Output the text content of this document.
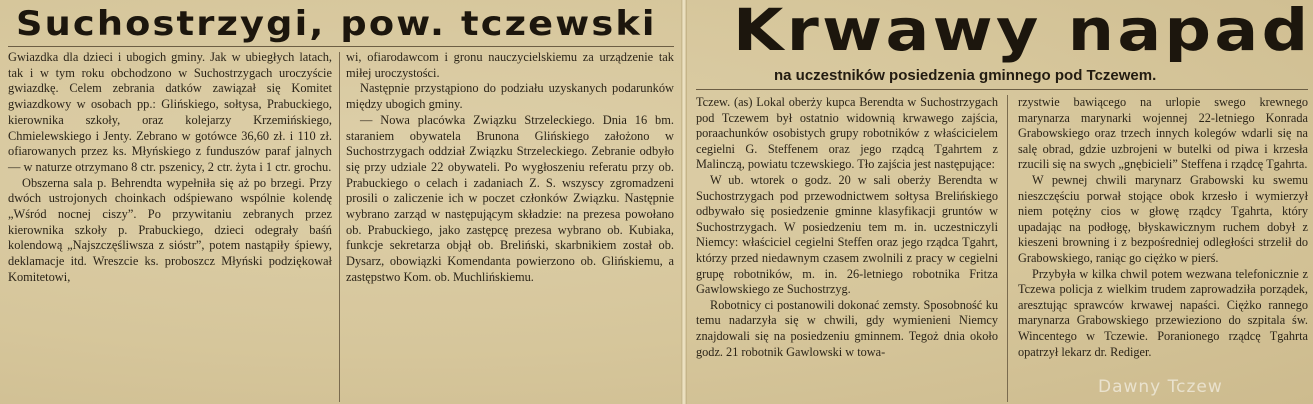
Suchostrzygi, pow. tczewski

Gwiazdka dla dzieci i ubogich gminy. Jak w ubiegłych latach, tak i w tym roku obchodzono w Suchostrzygach uroczyście gwiazdkę. Celem zebrania datków zawiązał się Komitet gwiazdkowy w osobach pp.: Glińskiego, sołtysa, Prabuckiego, kierownika szkoły, oraz kolejarzy Krzemińskiego, Chmielewskiego i Jenty. Zebrano w gotówce 36,60 zł. i 110 zł. ofiarowanych przez ks. Młyńskiego z funduszów paraf jalnych — w naturze otrzymano 8 ctr. pszenicy, 2 ctr. żyta i 1 ctr. grochu.

Obszerna sala p. Behrendta wypełniła się aż po brzegi. Przy dwóch ustrojonych choinkach odśpiewano wspólnie kolendę „Wśród nocnej ciszy”. Po przywitaniu zebranych przez kierownika szkoły p. Prabuckiego, dzieci odegrały baśń kolendową „Najszczęśliwsza z sióstr”, potem nastąpiły śpiewy, deklamacje itd. Wreszcie ks. proboszcz Młyński podziękował Komitetowi,

wi, ofiarodawcom i gronu nauczycielskiemu za urządzenie tak miłej uroczystości.

Następnie przystąpiono do podziału uzyskanych podarunków między ubogich gminy.

— Nowa placówka Związku Strzeleckiego. Dnia 16 bm. staraniem obywatela Brunona Glińskiego założono w Suchostrzygach oddział Związku Strzeleckiego. Zebranie odbyło się przy udziale 22 obywateli. Po wygłoszeniu referatu przy ob. Prabuckiego o celach i zadaniach Z. S. wszyscy zgromadzeni prosili o zaliczenie ich w poczet członków Związku. Następnie wybrano zarząd w następującym składzie: na prezesa powołano ob. Prabuckiego, jako zastępcę prezesa wybrano ob. Kubiaka, funkcje sekretarza objął ob. Breliński, skarbnikiem został ob. Dysarz, obowiązki Komendanta powierzono ob. Glińskiemu, a zastępstwo Kom. ob. Muchlińskiemu.

Krwawy napad
na uczestników posiedzenia gminnego pod Tczewem.

Tczew. (as) Lokal oberży kupca Berendta w Suchostrzygach pod Tczewem był ostatnio widownią krwawego zajścia, poraachunków osobistych grupy robotników z właścicielem cegielni G. Steffenem oraz jego rządcą Tgahrtem z Malinczą, powiatu tczewskiego. Tło zajścia jest następujące:

W ub. wtorek o godz. 20 w sali oberży Berendta w Suchostrzygach pod przewodnictwem sołtysa Brelińskiego odbywało się posiedzenie gminne klasyfikacji gruntów w Suchostrzygach. W posiedzeniu tem m. in. uczestniczyli Niemcy: właściciel cegielni Steffen oraz jego rządca Tgahrt, którzy przed niedawnym czasem zwolnili z pracy w cegielni grupę robotników, m. in. 26-letniego robotnika Fritza Gawlowskiego ze Suchostrzyg.

Robotnicy ci postanowili dokonać zemsty. Sposobność ku temu nadarzyła się w chwili, gdy wymienieni Niemcy znajdowali się na posiedzeniu gminnem. Tegoż dnia około godz. 21 robotnik Gawlowski w towa-

rzystwie bawiącego na urlopie swego krewnego marynarza marynarki wojennej 22-letniego Konrada Grabowskiego oraz trzech innych kolegów wdarli się na salę obrad, gdzie uzbrojeni w butelki od piwa i krzesła rzucili się na swych „gnębicieli” Steffena i rządcę Tgahrta.

W pewnej chwili marynarz Grabowski ku swemu nieszczęściu porwał stojące obok krzesło i wymierzył niem potężny cios w głowę rządcy Tgahrta, który upadając na podłogę, błyskawicznym ruchem dobył z kieszeni browning i z bezpośredniej odległości strzelił do Grabowskiego, raniąc go ciężko w pierś.

Przybyła w kilka chwil potem wezwana telefonicznie z Tczewa policja z wielkim trudem zaprowadziła porządek, aresztując sprawców krwawej napaści. Ciężko rannego marynarza Grabowskiego przewieziono do szpitala św. Wincentego w Tczewie. Poranionego rządcę Tgahrta opatrzył lekarz dr. Rediger.

Dawny Tczew
